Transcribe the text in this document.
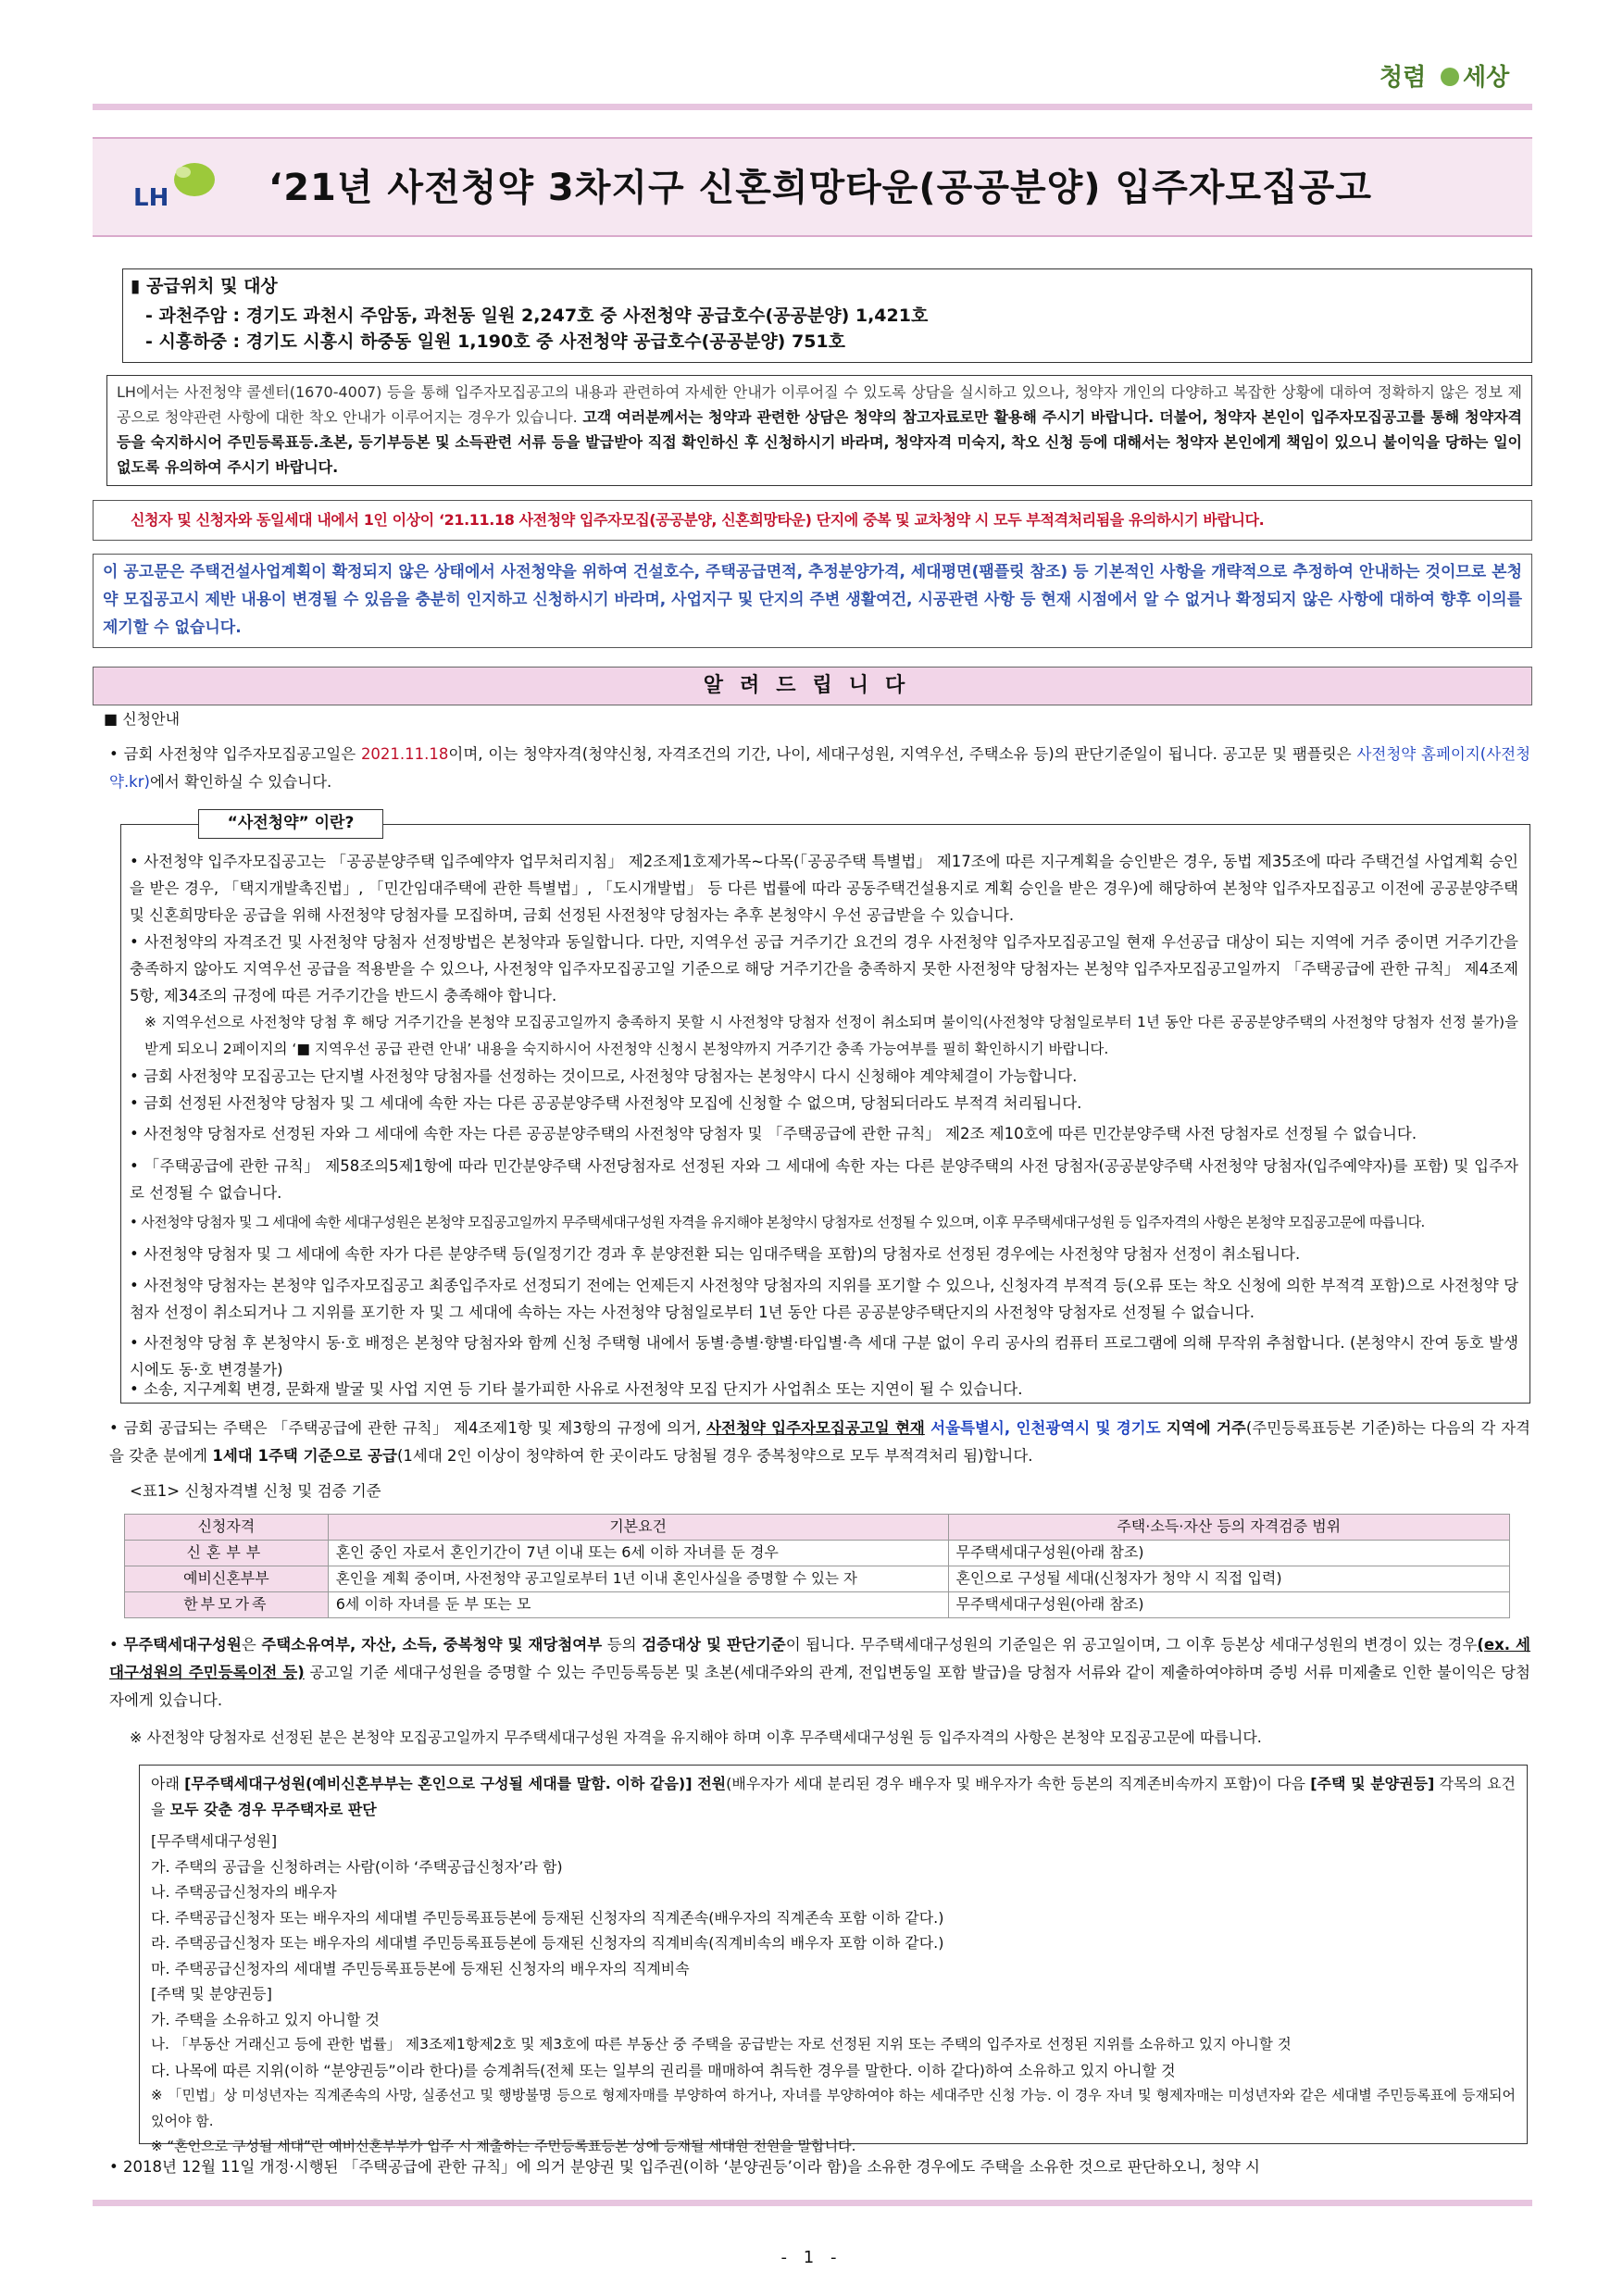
청렴 세상
LH	‘21년 사전청약 3차지구 신혼희망타운(공공분양) 입주자모집공고
▮ 공급위치 및 대상
- 과천주암 : 경기도 과천시 주암동, 과천동 일원 2,247호 중 사전청약 공급호수(공공분양) 1,421호
- 시흥하중 : 경기도 시흥시 하중동 일원 1,190호 중 사전청약 공급호수(공공분양) 751호
LH에서는 사전청약 콜센터(1670-4007) 등을 통해 입주자모집공고의 내용과 관련하여 자세한 안내가 이루어질 수 있도록 상담을 실시하고 있으나, 청약자 개인의 다양하고 복잡한 상황에 대하여 정확하지 않은 정보 제공으로 청약관련 사항에 대한 착오 안내가 이루어지는 경우가 있습니다. 고객 여러분께서는 청약과 관련한 상담은 청약의 참고자료로만 활용해 주시기 바랍니다. 더불어, 청약자 본인이 입주자모집공고를 통해 청약자격 등을 숙지하시어 주민등록표등.초본, 등기부등본 및 소득관련 서류 등을 발급받아 직접 확인하신 후 신청하시기 바라며, 청약자격 미숙지, 착오 신청 등에 대해서는 청약자 본인에게 책임이 있으니 불이익을 당하는 일이 없도록 유의하여 주시기 바랍니다.
신청자 및 신청자와 동일세대 내에서 1인 이상이 ‘21.11.18 사전청약 입주자모집(공공분양, 신혼희망타운) 단지에 중복 및 교차청약 시 모두 부적격처리됨을 유의하시기 바랍니다.
이 공고문은 주택건설사업계획이 확정되지 않은 상태에서 사전청약을 위하여 건설호수, 주택공급면적, 추정분양가격, 세대평면(팸플릿 참조) 등 기본적인 사항을 개략적으로 추정하여 안내하는 것이므로 본청약 모집공고시 제반 내용이 변경될 수 있음을 충분히 인지하고 신청하시기 바라며, 사업지구 및 단지의 주변 생활여건, 시공관련 사항 등 현재 시점에서 알 수 없거나 확정되지 않은 사항에 대하여 향후 이의를 제기할 수 없습니다.
알려드립니다
■ 신청안내
• 금회 사전청약 입주자모집공고일은 2021.11.18이며, 이는 청약자격(청약신청, 자격조건의 기간, 나이, 세대구성원, 지역우선, 주택소유 등)의 판단기준일이 됩니다. 공고문 및 팸플릿은 사전청약 홈페이지(사전청약.kr)에서 확인하실 수 있습니다.
“사전청약” 이란?
• 사전청약 입주자모집공고는 「공공분양주택 입주예약자 업무처리지침」 제2조제1호제가목~다목(「공공주택 특별법」 제17조에 따른 지구계획을 승인받은 경우, 동법 제35조에 따라 주택건설 사업계획 승인을 받은 경우, 「택지개발촉진법」, 「민간임대주택에 관한 특별법」, 「도시개발법」 등 다른 법률에 따라 공동주택건설용지로 계획 승인을 받은 경우)에 해당하여 본청약 입주자모집공고 이전에 공공분양주택 및 신혼희망타운 공급을 위해 사전청약 당첨자를 모집하며, 금회 선정된 사전청약 당첨자는 추후 본청약시 우선 공급받을 수 있습니다.
• 사전청약의 자격조건 및 사전청약 당첨자 선정방법은 본청약과 동일합니다. 다만, 지역우선 공급 거주기간 요건의 경우 사전청약 입주자모집공고일 현재 우선공급 대상이 되는 지역에 거주 중이면 거주기간을 충족하지 않아도 지역우선 공급을 적용받을 수 있으나, 사전청약 입주자모집공고일 기준으로 해당 거주기간을 충족하지 못한 사전청약 당첨자는 본청약 입주자모집공고일까지 「주택공급에 관한 규칙」 제4조제5항, 제34조의 규정에 따른 거주기간을 반드시 충족해야 합니다.
※ 지역우선으로 사전청약 당첨 후 해당 거주기간을 본청약 모집공고일까지 충족하지 못할 시 사전청약 당첨자 선정이 취소되며 불이익(사전청약 당첨일로부터 1년 동안 다른 공공분양주택의 사전청약 당첨자 선정 불가)을 받게 되오니 2페이지의 ‘■ 지역우선 공급 관련 안내’ 내용을 숙지하시어 사전청약 신청시 본청약까지 거주기간 충족 가능여부를 필히 확인하시기 바랍니다.
• 금회 사전청약 모집공고는 단지별 사전청약 당첨자를 선정하는 것이므로, 사전청약 당첨자는 본청약시 다시 신청해야 계약체결이 가능합니다.
• 금회 선정된 사전청약 당첨자 및 그 세대에 속한 자는 다른 공공분양주택 사전청약 모집에 신청할 수 없으며, 당첨되더라도 부적격 처리됩니다.
• 사전청약 당첨자로 선정된 자와 그 세대에 속한 자는 다른 공공분양주택의 사전청약 당첨자 및 「주택공급에 관한 규칙」 제2조 제10호에 따른 민간분양주택 사전 당첨자로 선정될 수 없습니다.
• 「주택공급에 관한 규칙」 제58조의5제1항에 따라 민간분양주택 사전당첨자로 선정된 자와 그 세대에 속한 자는 다른 분양주택의 사전 당첨자(공공분양주택 사전청약 당첨자(입주예약자)를 포함) 및 입주자로 선정될 수 없습니다.
• 사전청약 당첨자 및 그 세대에 속한 세대구성원은 본청약 모집공고일까지 무주택세대구성원 자격을 유지해야 본청약시 당첨자로 선정될 수 있으며, 이후 무주택세대구성원 등 입주자격의 사항은 본청약 모집공고문에 따릅니다.
• 사전청약 당첨자 및 그 세대에 속한 자가 다른 분양주택 등(일정기간 경과 후 분양전환 되는 임대주택을 포함)의 당첨자로 선정된 경우에는 사전청약 당첨자 선정이 취소됩니다.
• 사전청약 당첨자는 본청약 입주자모집공고 최종입주자로 선정되기 전에는 언제든지 사전청약 당첨자의 지위를 포기할 수 있으나, 신청자격 부적격 등(오류 또는 착오 신청에 의한 부적격 포함)으로 사전청약 당첨자 선정이 취소되거나 그 지위를 포기한 자 및 그 세대에 속하는 자는 사전청약 당첨일로부터 1년 동안 다른 공공분양주택단지의 사전청약 당첨자로 선정될 수 없습니다.
• 사전청약 당첨 후 본청약시 동·호 배정은 본청약 당첨자와 함께 신청 주택형 내에서 동별·층별·향별·타입별·측 세대 구분 없이 우리 공사의 컴퓨터 프로그램에 의해 무작위 추첨합니다. (본청약시 잔여 동호 발생 시에도 동·호 변경불가)
• 소송, 지구계획 변경, 문화재 발굴 및 사업 지연 등 기타 불가피한 사유로 사전청약 모집 단지가 사업취소 또는 지연이 될 수 있습니다.
• 금회 공급되는 주택은 「주택공급에 관한 규칙」 제4조제1항 및 제3항의 규정에 의거, 사전청약 입주자모집공고일 현재 서울특별시, 인천광역시 및 경기도 지역에 거주(주민등록표등본 기준)하는 다음의 각 자격을 갖춘 분에게 1세대 1주택 기준으로 공급(1세대 2인 이상이 청약하여 한 곳이라도 당첨될 경우 중복청약으로 모두 부적격처리 됨)합니다.
<표1> 신청자격별 신청 및 검증 기준
신청자격	기본요건	주택·소득·자산 등의 자격검증 범위
신혼부부	혼인 중인 자로서 혼인기간이 7년 이내 또는 6세 이하 자녀를 둔 경우	무주택세대구성원(아래 참조)
예비신혼부부	혼인을 계획 중이며, 사전청약 공고일로부터 1년 이내 혼인사실을 증명할 수 있는 자	혼인으로 구성될 세대(신청자가 청약 시 직접 입력)
한부모가족	6세 이하 자녀를 둔 부 또는 모	무주택세대구성원(아래 참조)
• 무주택세대구성원은 주택소유여부, 자산, 소득, 중복청약 및 재당첨여부 등의 검증대상 및 판단기준이 됩니다. 무주택세대구성원의 기준일은 위 공고일이며, 그 이후 등본상 세대구성원의 변경이 있는 경우(ex. 세대구성원의 주민등록이전 등) 공고일 기준 세대구성원을 증명할 수 있는 주민등록등본 및 초본(세대주와의 관계, 전입변동일 포함 발급)을 당첨자 서류와 같이 제출하여야하며 증빙 서류 미제출로 인한 불이익은 당첨자에게 있습니다.
※ 사전청약 당첨자로 선정된 분은 본청약 모집공고일까지 무주택세대구성원 자격을 유지해야 하며 이후 무주택세대구성원 등 입주자격의 사항은 본청약 모집공고문에 따릅니다.
아래 [무주택세대구성원(예비신혼부부는 혼인으로 구성될 세대를 말함. 이하 같음)] 전원(배우자가 세대 분리된 경우 배우자 및 배우자가 속한 등본의 직계존비속까지 포함)이 다음 [주택 및 분양권등] 각목의 요건을 모두 갖춘 경우 무주택자로 판단
[무주택세대구성원]
가. 주택의 공급을 신청하려는 사람(이하 ‘주택공급신청자’라 함)
나. 주택공급신청자의 배우자
다. 주택공급신청자 또는 배우자의 세대별 주민등록표등본에 등재된 신청자의 직계존속(배우자의 직계존속 포함 이하 같다.)
라. 주택공급신청자 또는 배우자의 세대별 주민등록표등본에 등재된 신청자의 직계비속(직계비속의 배우자 포함 이하 같다.)
마. 주택공급신청자의 세대별 주민등록표등본에 등재된 신청자의 배우자의 직계비속
[주택 및 분양권등]
가. 주택을 소유하고 있지 아니할 것
나. 「부동산 거래신고 등에 관한 법률」 제3조제1항제2호 및 제3호에 따른 부동산 중 주택을 공급받는 자로 선정된 지위 또는 주택의 입주자로 선정된 지위를 소유하고 있지 아니할 것
다. 나목에 따른 지위(이하 “분양권등”이라 한다)를 승계취득(전체 또는 일부의 권리를 매매하여 취득한 경우를 말한다. 이하 같다)하여 소유하고 있지 아니할 것
※ 「민법」상 미성년자는 직계존속의 사망, 실종선고 및 행방불명 등으로 형제자매를 부양하여 하거나, 자녀를 부양하여야 하는 세대주만 신청 가능. 이 경우 자녀 및 형제자매는 미성년자와 같은 세대별 주민등록표에 등재되어 있어야 함.
※ “혼인으로 구성될 세대”란 예비신혼부부가 입주 시 제출하는 주민등록표등본 상에 등재될 세대원 전원을 말합니다.
• 2018년 12월 11일 개정·시행된 「주택공급에 관한 규칙」에 의거 분양권 및 입주권(이하 ‘분양권등’이라 함)을 소유한 경우에도 주택을 소유한 것으로 판단하오니, 청약 시
- 1 -
